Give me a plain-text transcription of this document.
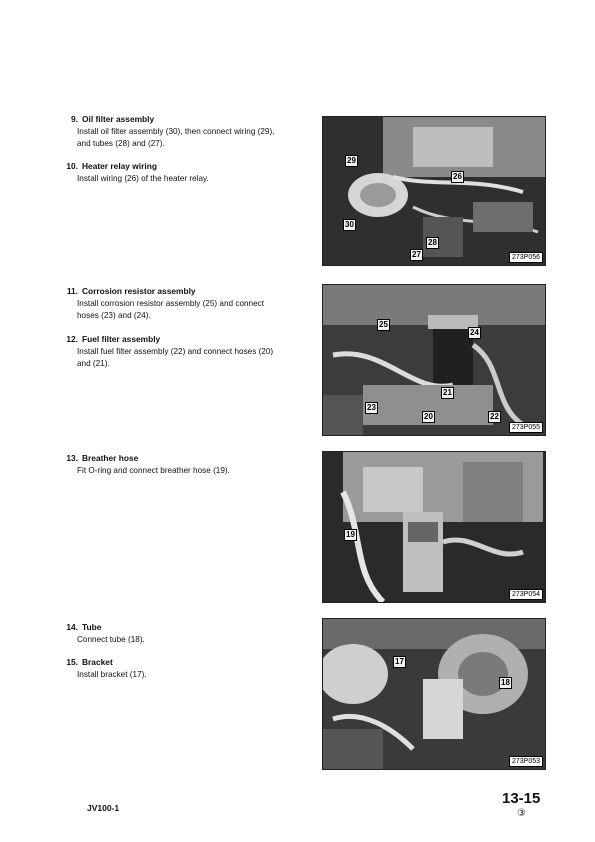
9. Oil filter assembly
Install oil filter assembly (30), then connect wiring (29),
and tubes (28) and (27).
10. Heater relay wiring
Install wiring (26) of the heater relay.
11. Corrosion resistor assembly
Install corrosion resistor assembly (25) and connect
hoses (23) and (24).
12. Fuel filter assembly
Install fuel filter assembly (22) and connect hoses (20)
and (21).
13. Breather hose
Fit O-ring and connect breather hose (19).
14. Tube
Connect tube (18).
15. Bracket
Install bracket (17).
29
26
30
28
27	273P056
25
24
21
23
20	22
273P055
19
273P054
17
18
273P053
JV100-1
13-15
③
